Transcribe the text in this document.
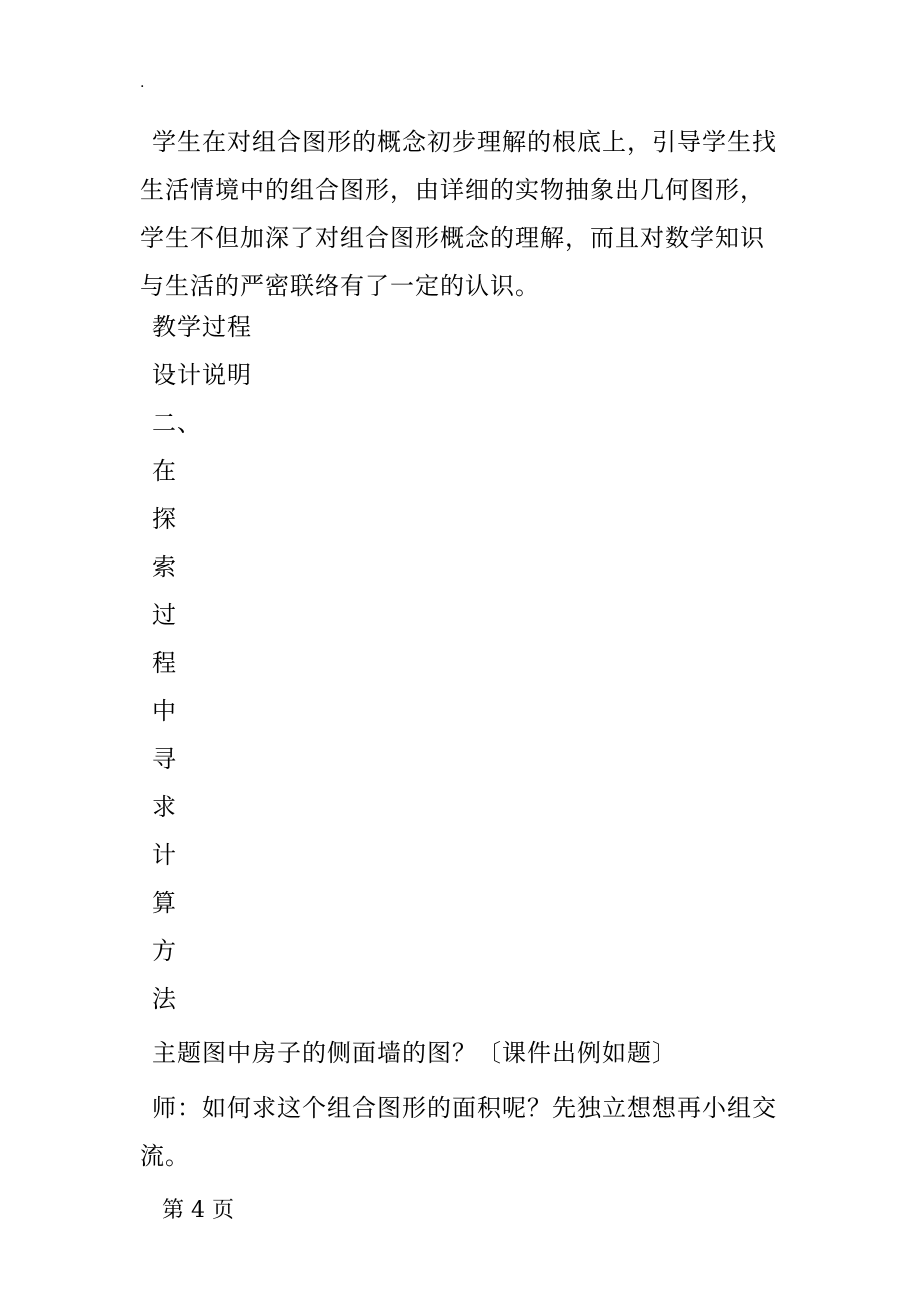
.
学生在对组合图形的概念初步理解的根底上，引导学生找生活情境中的组合图形，由详细的实物抽象出几何图形，学生不但加深了对组合图形概念的理解，而且对数学知识与生活的严密联络有了一定的认识。
教学过程
设计说明
二、
在
探
索
过
程
中
寻
求
计
算
方
法
主题图中房子的侧面墙的图？〔课件出例如题〕
师：如何求这个组合图形的面积呢？先独立想想再小组交流。
第 4 页
